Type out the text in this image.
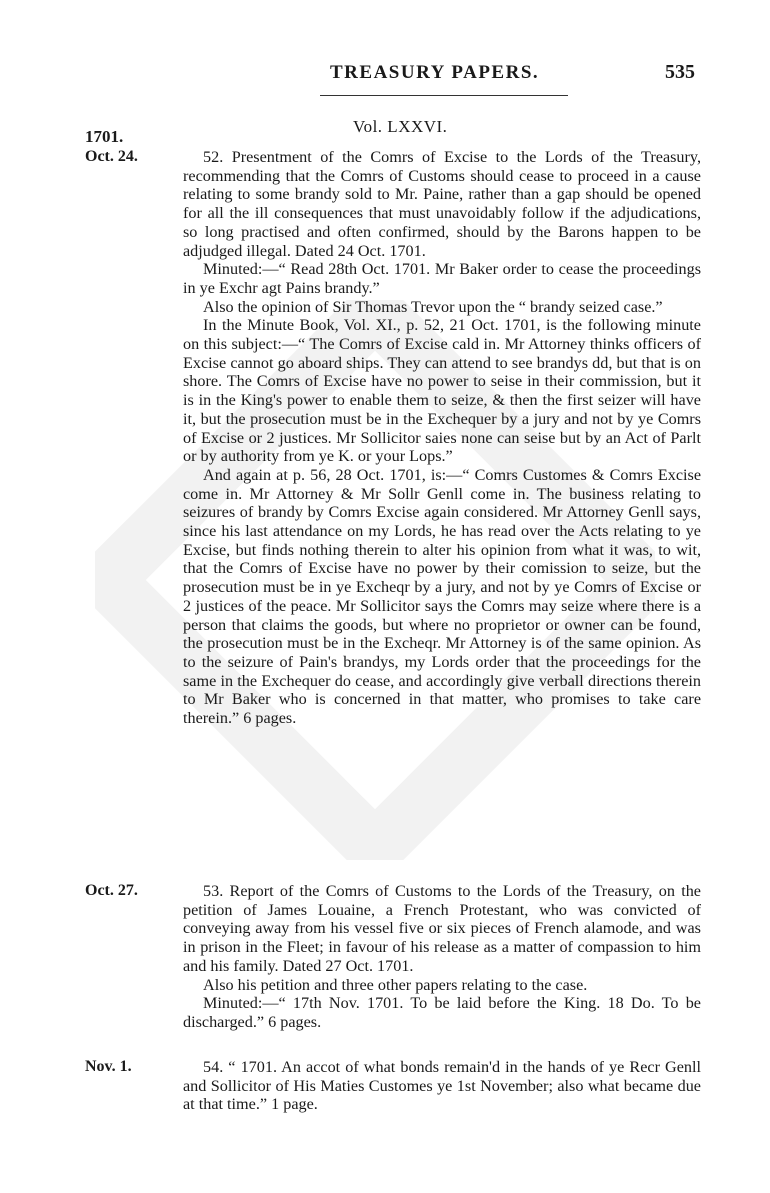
TREASURY PAPERS.	535
1701.
Vol. LXXVI.
Oct. 24.	52. Presentment of the Comrs of Excise to the Lords of the Treasury, recommending that the Comrs of Customs should cease to proceed in a cause relating to some brandy sold to Mr. Paine, rather than a gap should be opened for all the ill consequences that must unavoidably follow if the adjudications, so long practised and often confirmed, should by the Barons happen to be adjudged illegal. Dated 24 Oct. 1701.

Minuted:—“ Read 28th Oct. 1701. Mr Baker order to cease the proceedings in ye Exchr agt Pains brandy.”

Also the opinion of Sir Thomas Trevor upon the “ brandy seized case.”

In the Minute Book, Vol. XI., p. 52, 21 Oct. 1701, is the following minute on this subject:—“ The Comrs of Excise cald in. Mr Attorney thinks officers of Excise cannot go aboard ships. They can attend to see brandys dd, but that is on shore. The Comrs of Excise have no power to seise in their commission, but it is in the King's power to enable them to seize, & then the first seizer will have it, but the prosecution must be in the Exchequer by a jury and not by ye Comrs of Excise or 2 justices. Mr Sollicitor saies none can seise but by an Act of Parlt or by authority from ye K. or your Lops.”

And again at p. 56, 28 Oct. 1701, is:—“ Comrs Customes & Comrs Excise come in. Mr Attorney & Mr Sollr Genll come in. The business relating to seizures of brandy by Comrs Excise again considered. Mr Attorney Genll says, since his last attendance on my Lords, he has read over the Acts relating to ye Excise, but finds nothing therein to alter his opinion from what it was, to wit, that the Comrs of Excise have no power by their comission to seize, but the prosecution must be in ye Excheqr by a jury, and not by ye Comrs of Excise or 2 justices of the peace. Mr Sollicitor says the Comrs may seize where there is a person that claims the goods, but where no proprietor or owner can be found, the prosecution must be in the Excheqr. Mr Attorney is of the same opinion. As to the seizure of Pain's brandys, my Lords order that the proceedings for the same in the Exchequer do cease, and accordingly give verball directions therein to Mr Baker who is concerned in that matter, who promises to take care therein.” 6 pages.

Oct. 27.	53. Report of the Comrs of Customs to the Lords of the Treasury, on the petition of James Louaine, a French Protestant, who was convicted of conveying away from his vessel five or six pieces of French alamode, and was in prison in the Fleet; in favour of his release as a matter of compassion to him and his family. Dated 27 Oct. 1701.

Also his petition and three other papers relating to the case.

Minuted:—“ 17th Nov. 1701. To be laid before the King. 18 Do. To be discharged.” 6 pages.

Nov. 1.	54. “ 1701. An accot of what bonds remain'd in the hands of ye Recr Genll and Sollicitor of His Maties Customes ye 1st November; also what became due at that time.” 1 page.
